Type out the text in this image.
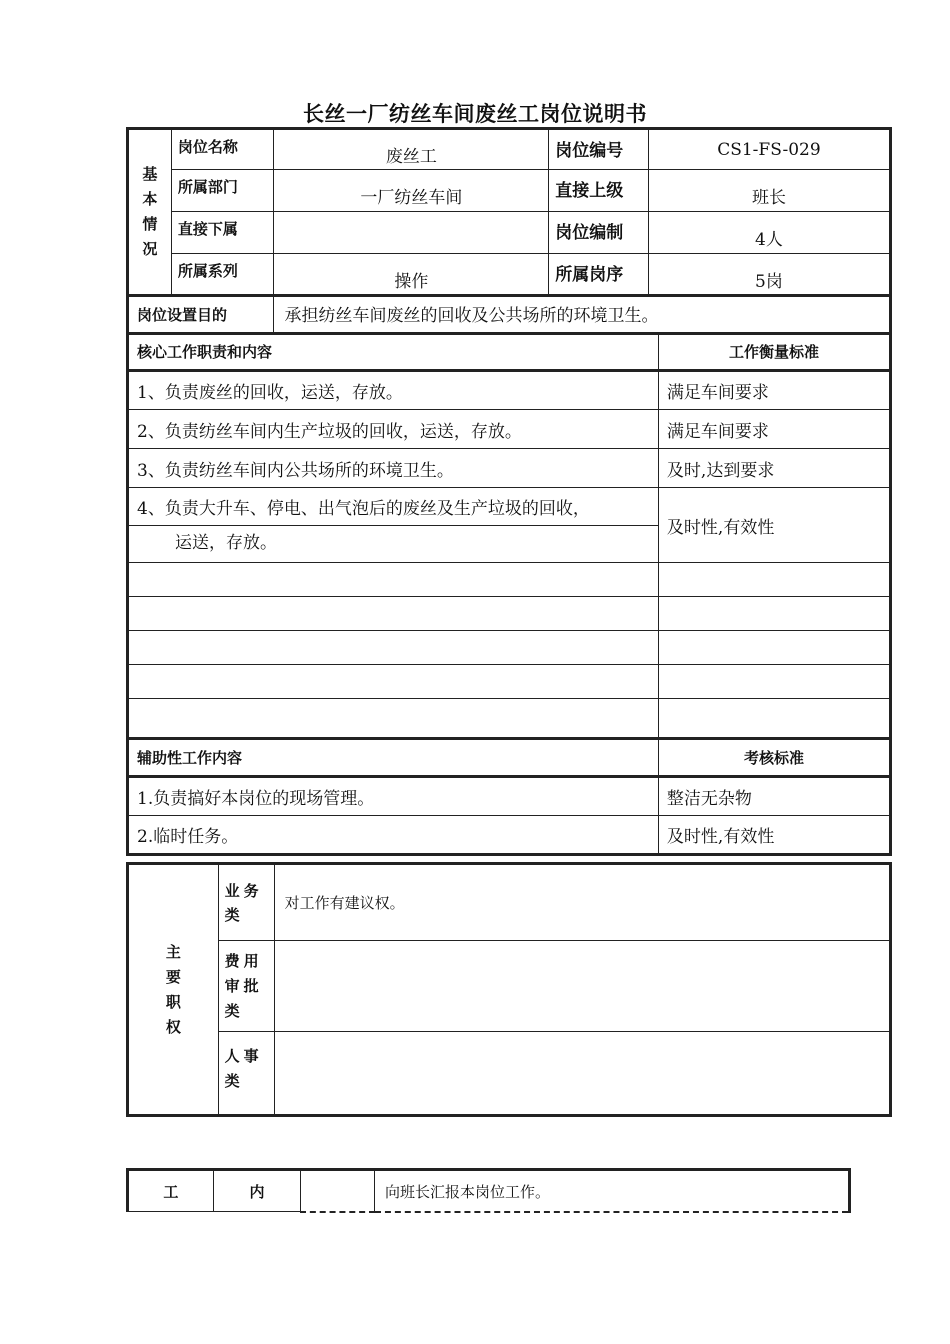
长丝一厂纺丝车间废丝工岗位说明书
基本情况	岗位名称	废丝工	岗位编号	CS1-FS-029
	所属部门	一厂纺丝车间	直接上级	班长
	直接下属		岗位编制	4人
	所属系列	操作	所属岗序	5岗
岗位设置目的		承担纺丝车间废丝的回收及公共场所的环境卫生。		
核心工作职责和内容	工作衡量标准
1、负责废丝的回收，运送，存放。	满足车间要求
2、负责纺丝车间内生产垃圾的回收，运送，存放。	满足车间要求
3、负责纺丝车间内公共场所的环境卫生。	及时,达到要求
4、负责大升车、停电、出气泡后的废丝及生产垃圾的回收，	及时性,有效性
运送，存放。	

辅助性工作内容	考核标准
1.负责搞好本岗位的现场管理。	整洁无杂物
2.临时任务。	及时性,有效性
主要职权	业务类	对工作有建议权。
	费用审批类	
	人事类	
工	内		向班长汇报本岗位工作。
